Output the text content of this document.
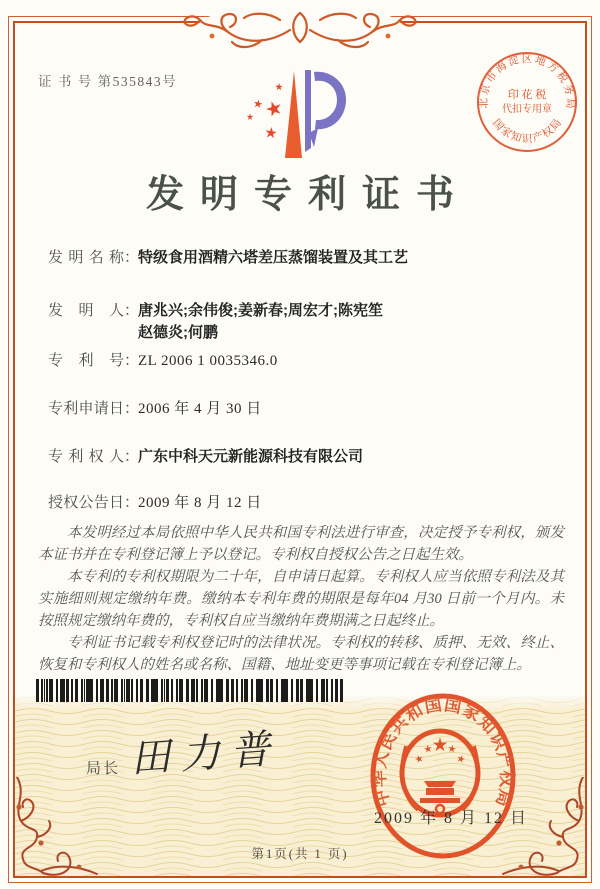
证 书 号 第535843号
北京市海淀区地方税务局
印 花 税
代扣专用章
国家知识产权局
发明专利证书
发明名称：特级食用酒精六塔差压蒸馏装置及其工艺
发明人：唐兆兴;余伟俊;姜新春;周宏才;陈宪笙
赵德炎;何鹏
专利号：ZL 2006 1 0035346.0
专利申请日：2006 年 4 月 30 日
专利权人：广东中科天元新能源科技有限公司
授权公告日：2009 年 8 月 12 日

本发明经过本局依照中华人民共和国专利法进行审查，决定授予专利权，颁发本证书并在专利登记簿上予以登记。专利权自授权公告之日起生效。

本专利的专利权期限为二十年，自申请日起算。专利权人应当依照专利法及其实施细则规定缴纳年费。缴纳本专利年费的期限是每年04 月30 日前一个月内。未按照规定缴纳年费的，专利权自应当缴纳年费期满之日起终止。

专利证书记载专利权登记时的法律状况。专利权的转移、质押、无效、终止、恢复和专利权人的姓名或名称、国籍、地址变更等事项记载在专利登记簿上。

局长 田力普
中华人民共和国国家知识产权局
2009 年 8 月 12 日
第1页(共 1 页)
